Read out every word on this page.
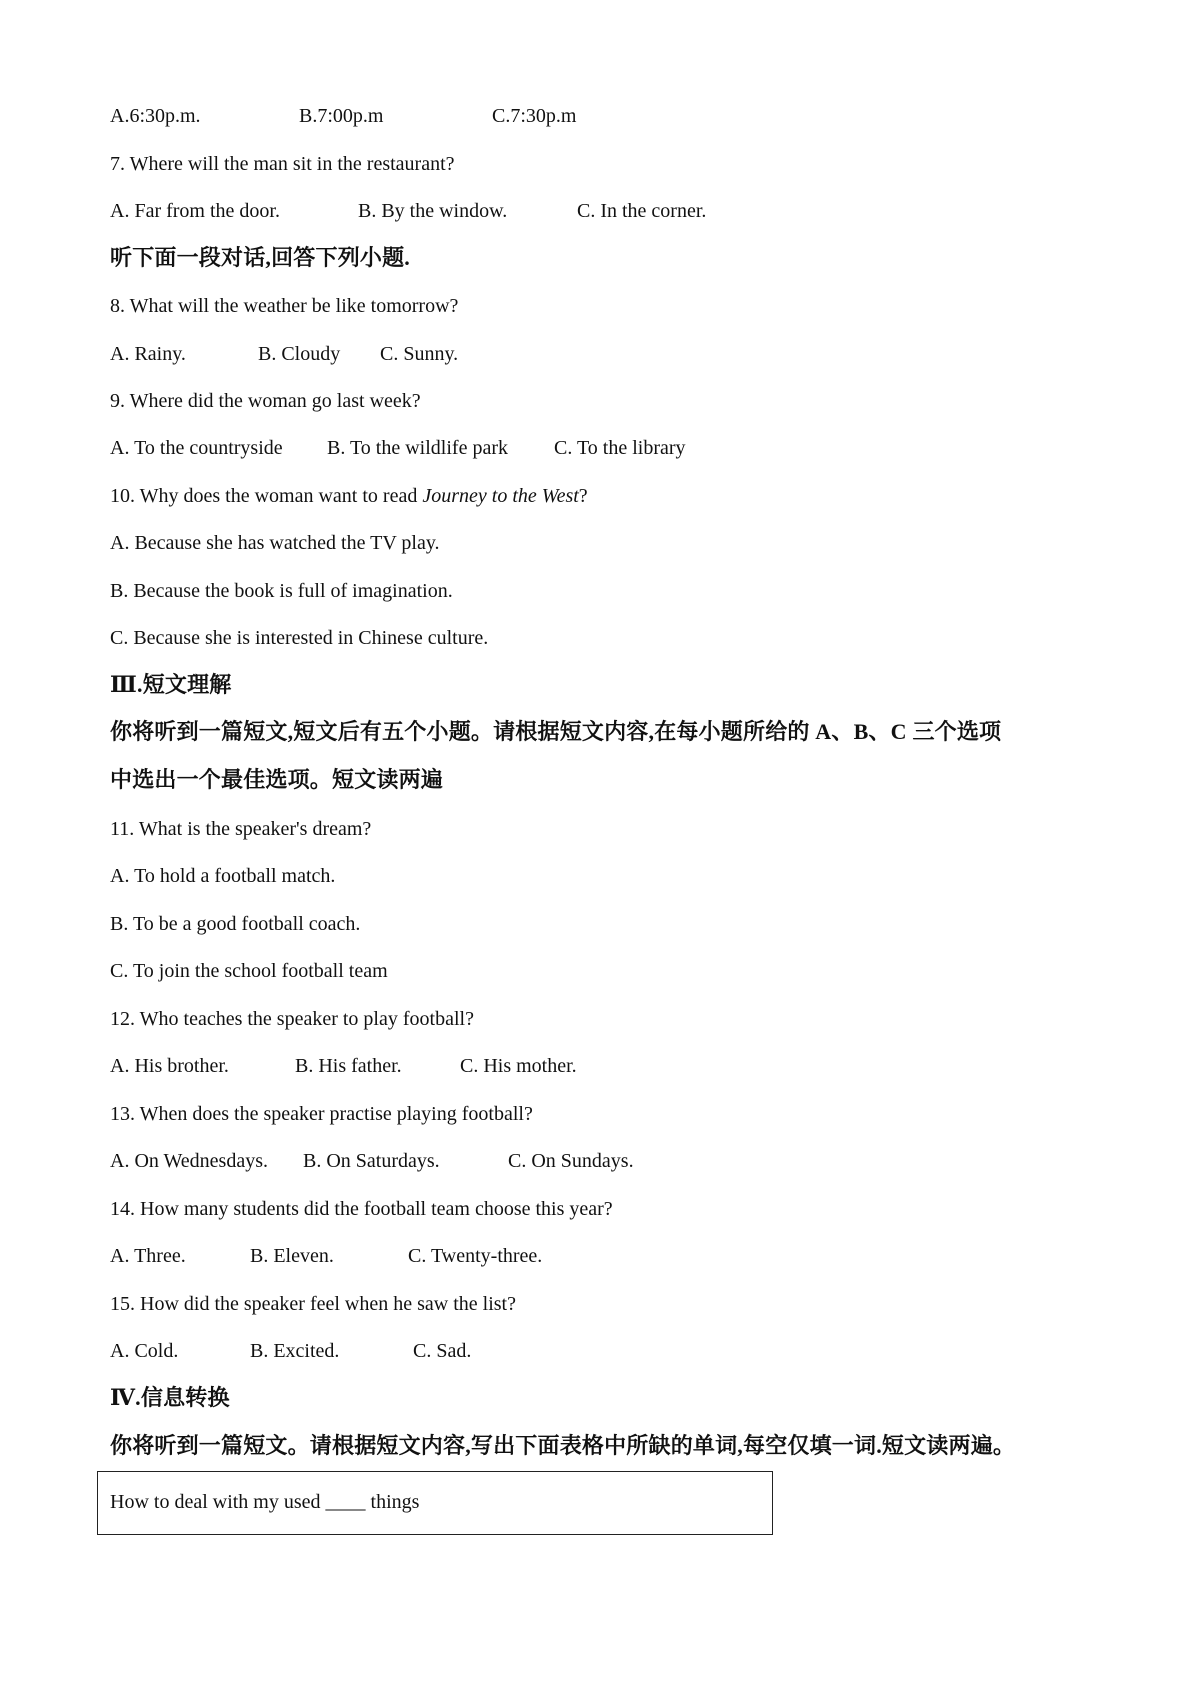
A.6:30p.m.	B.7:00p.m	C.7:30p.m
7. Where will the man sit in the restaurant?
A. Far from the door.	B. By the window.	C. In the corner.
听下面一段对话,回答下列小题.
8. What will the weather be like tomorrow?
A. Rainy.	B. Cloudy C. Sunny.
9. Where did the woman go last week?
A. To the countryside B. To the wildlife park C. To the library
10. Why does the woman want to read Journey to the West?
A. Because she has watched the TV play.
B. Because the book is full of imagination.
C. Because she is interested in Chinese culture.
Ⅲ.短文理解
你将听到一篇短文,短文后有五个小题。请根据短文内容,在每小题所给的 A、B、C 三个选项
中选出一个最佳选项。短文读两遍
11. What is the speaker's dream?
A. To hold a football match.
B. To be a good football coach.
C. To join the school football team
12. Who teaches the speaker to play football?
A. His brother.	B. His father.	C. His mother.
13. When does the speaker practise playing football?
A. On Wednesdays. B. On Saturdays.	C. On Sundays.
14. How many students did the football team choose this year?
A. Three.	B. Eleven.	C. Twenty-three.
15. How did the speaker feel when he saw the list?
A. Cold.	B. Excited.	C. Sad.
Ⅳ.信息转换
你将听到一篇短文。请根据短文内容,写出下面表格中所缺的单词,每空仅填一词.短文读两遍。
How to deal with my used ____ things
